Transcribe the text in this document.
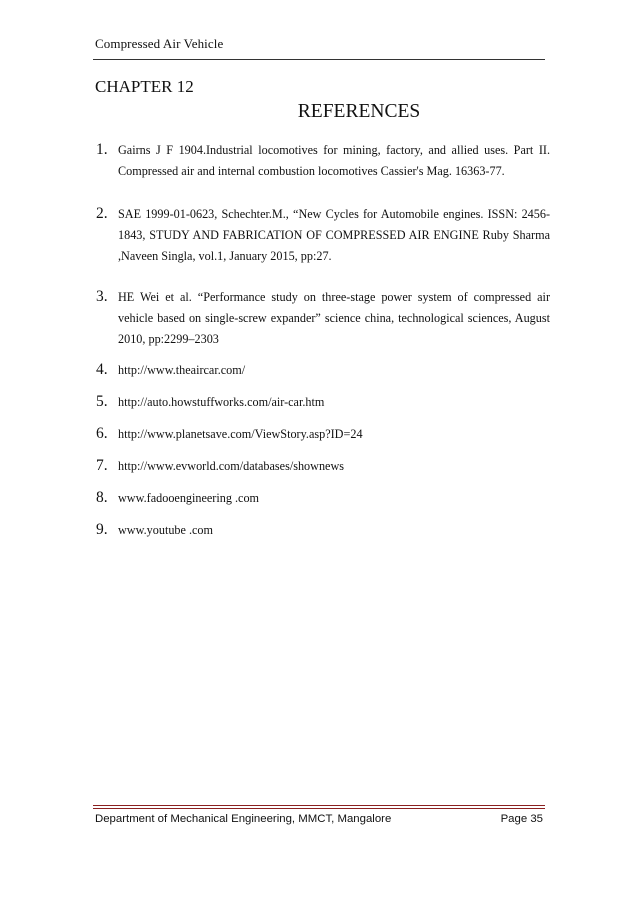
Compressed Air Vehicle
CHAPTER 12
REFERENCES
1. Gairns J F 1904.Industrial locomotives for mining, factory, and allied uses. Part II. Compressed air and internal combustion locomotives Cassier's Mag. 16363-77.
2. SAE 1999-01-0623, Schechter.M., “New Cycles for Automobile engines. ISSN: 2456-1843, STUDY AND FABRICATION OF COMPRESSED AIR ENGINE Ruby Sharma ,Naveen Singla, vol.1, January 2015, pp:27.
3. HE Wei et al. “Performance study on three-stage power system of compressed air vehicle based on single-screw expander” science china, technological sciences, August 2010, pp:2299–2303
4. http://www.theaircar.com/
5. http://auto.howstuffworks.com/air-car.htm
6. http://www.planetsave.com/ViewStory.asp?ID=24
7. http://www.evworld.com/databases/shownews
8. www.fadooengineering .com
9. www.youtube .com
Department of Mechanical Engineering, MMCT, Mangalore	Page 35
